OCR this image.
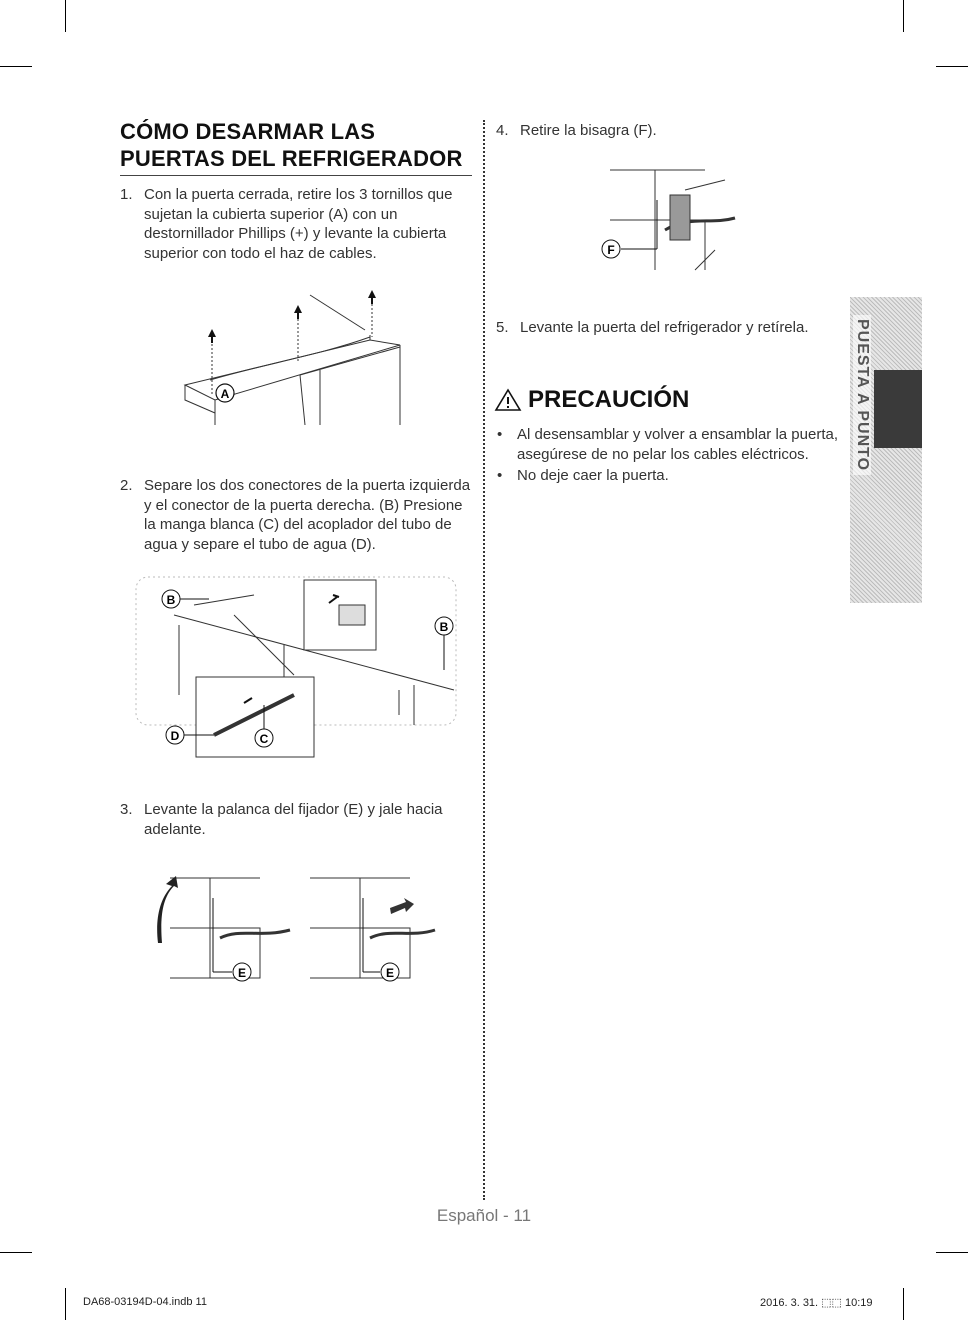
CÓMO DESARMAR LAS PUERTAS DEL REFRIGERADOR
1. Con la puerta cerrada, retire los 3 tornillos que sujetan la cubierta superior (A) con un destornillador Phillips (+) y levante la cubierta superior con todo el haz de cables.
A
2. Separe los dos conectores de la puerta izquierda y el conector de la puerta derecha. (B) Presione la manga blanca (C) del acoplador del tubo de agua y separe el tubo de agua (D).
B
B
C
D
3. Levante la palanca del fijador (E) y jale hacia adelante.
E	E
4. Retire la bisagra (F).
F
5. Levante la puerta del refrigerador y retírela.
PRECAUCIÓN
• Al desensamblar y volver a ensamblar la puerta, asegúrese de no pelar los cables eléctricos.
• No deje caer la puerta.
PUESTA A PUNTO
Español - 11
DA68-03194D-04.indb 11	2016. 3. 31. ⬚⬚ 10:19
